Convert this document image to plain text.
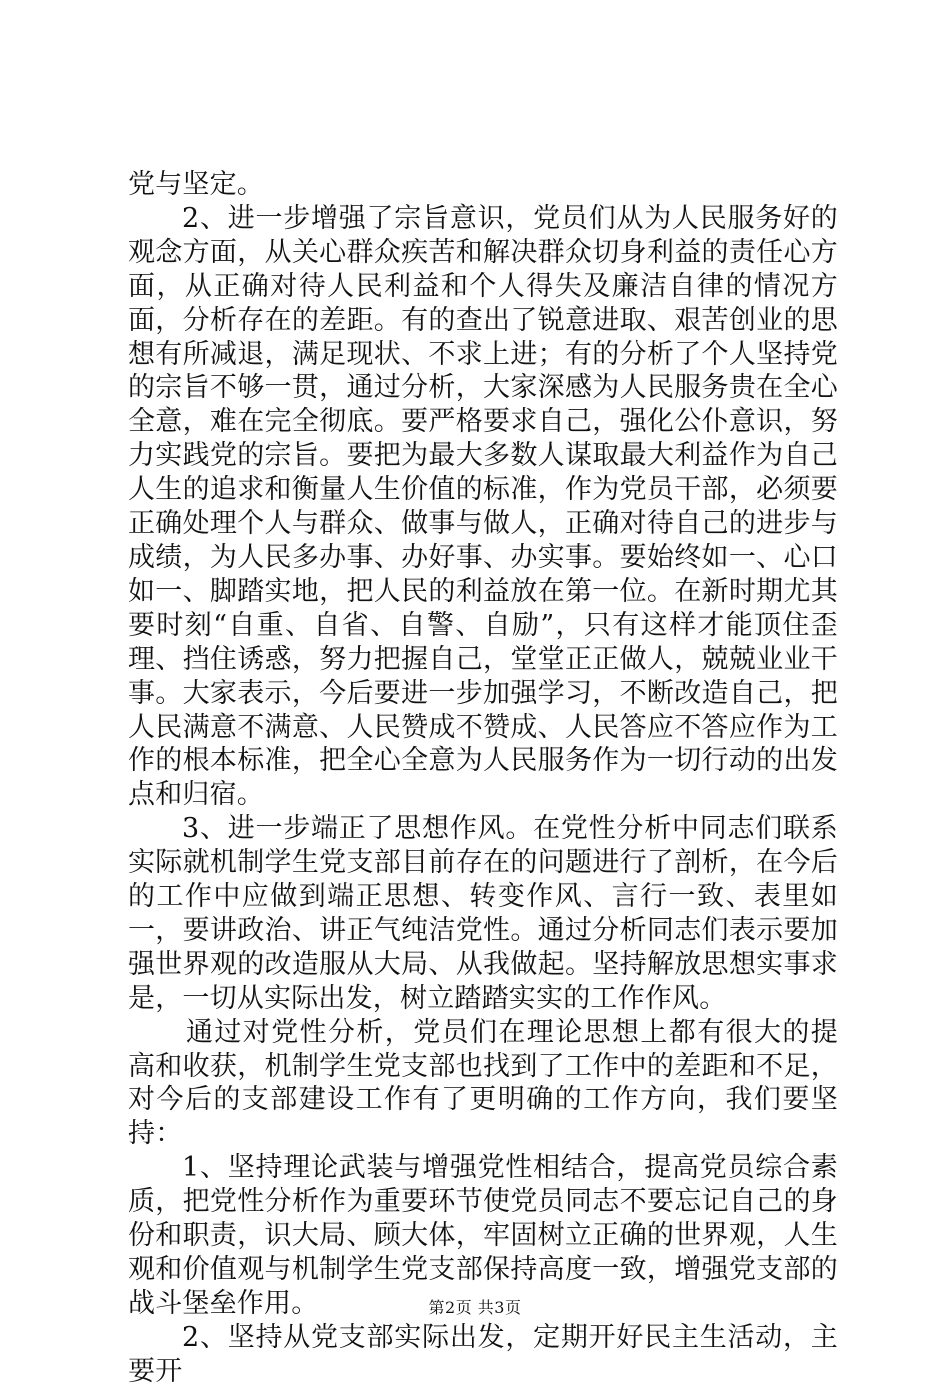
党与坚定。

2、进一步增强了宗旨意识，党员们从为人民服务好的观念方面，从关心群众疾苦和解决群众切身利益的责任心方面，从正确对待人民利益和个人得失及廉洁自律的情况方面，分析存在的差距。有的查出了锐意进取、艰苦创业的思想有所减退，满足现状、不求上进；有的分析了个人坚持党的宗旨不够一贯，通过分析，大家深感为人民服务贵在全心全意，难在完全彻底。要严格要求自己，强化公仆意识，努力实践党的宗旨。要把为最大多数人谋取最大利益作为自己人生的追求和衡量人生价值的标准，作为党员干部，必须要正确处理个人与群众、做事与做人，正确对待自己的进步与成绩，为人民多办事、办好事、办实事。要始终如一、心口如一、脚踏实地，把人民的利益放在第一位。在新时期尤其要时刻“自重、自省、自警、自励”，只有这样才能顶住歪理、挡住诱惑，努力把握自己，堂堂正正做人，兢兢业业干事。大家表示，今后要进一步加强学习，不断改造自己，把人民满意不满意、人民赞成不赞成、人民答应不答应作为工作的根本标准，把全心全意为人民服务作为一切行动的出发点和归宿。

3、进一步端正了思想作风。在党性分析中同志们联系实际就机制学生党支部目前存在的问题进行了剖析，在今后的工作中应做到端正思想、转变作风、言行一致、表里如一，要讲政治、讲正气纯洁党性。通过分析同志们表示要加强世界观的改造服从大局、从我做起。坚持解放思想实事求是，一切从实际出发，树立踏踏实实的工作作风。

通过对党性分析，党员们在理论思想上都有很大的提高和收获，机制学生党支部也找到了工作中的差距和不足，对今后的支部建设工作有了更明确的工作方向，我们要坚持：

1、坚持理论武装与增强党性相结合，提高党员综合素质，把党性分析作为重要环节使党员同志不要忘记自己的身份和职责，识大局、顾大体，牢固树立正确的世界观，人生观和价值观与机制学生党支部保持高度一致，增强党支部的战斗堡垒作用。

2、坚持从党支部实际出发，定期开好民主生活动，主要开

第2页 共3页
